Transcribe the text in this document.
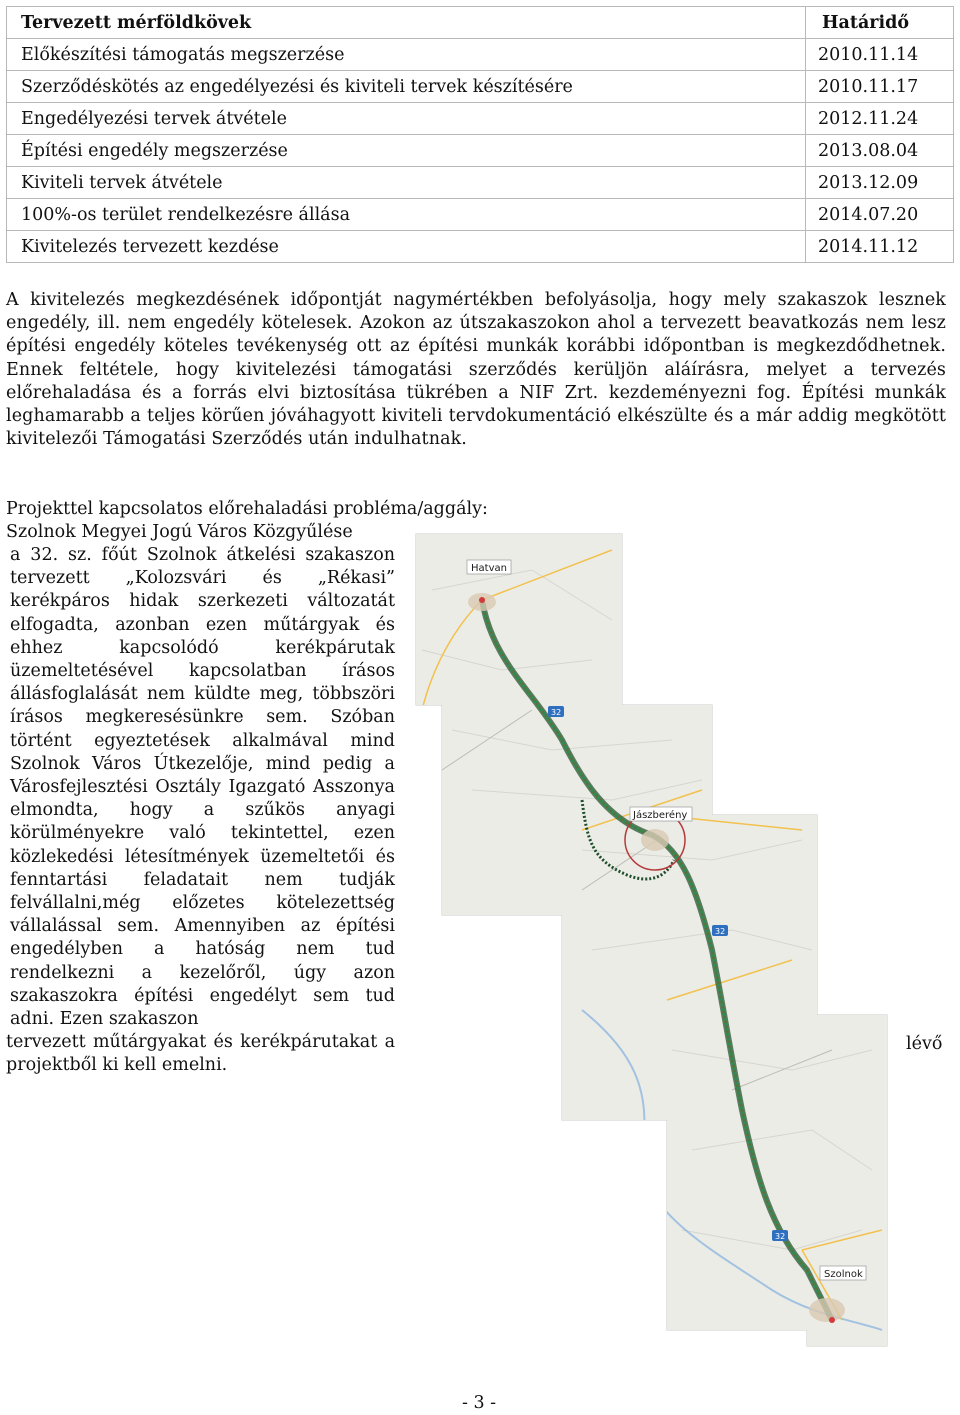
Tervezett mérföldkövek	Határidő
Előkészítési támogatás megszerzése	2010.11.14
Szerződéskötés az engedélyezési és kiviteli tervek készítésére	2010.11.17
Engedélyezési tervek átvétele	2012.11.24
Építési engedély megszerzése	2013.08.04
Kiviteli tervek átvétele	2013.12.09
100%-os terület rendelkezésre állása	2014.07.20
Kivitelezés tervezett kezdése	2014.11.12

A kivitelezés megkezdésének időpontját nagymértékben befolyásolja, hogy mely szakaszok lesznek engedély, ill. nem engedély kötelesek. Azokon az útszakaszokon ahol a tervezett beavatkozás nem lesz építési engedély köteles tevékenység ott az építési munkák korábbi időpontban is megkezdődhetnek. Ennek feltétele, hogy kivitelezési támogatási szerződés kerüljön aláírásra, melyet a tervezés előrehaladása és a forrás elvi biztosítása tükrében a NIF Zrt. kezdeményezni fog. Építési munkák leghamarabb a teljes körűen jóváhagyott kiviteli tervdokumentáció elkészülte és a már addig megkötött kivitelezői Támogatási Szerződés után indulhatnak.

Projekttel kapcsolatos előrehaladási probléma/aggály:
Szolnok Megyei Jogú Város Közgyűlése

a 32. sz. főút Szolnok átkelési szakaszon tervezett „Kolozsvári és „Rékasi” kerékpáros hidak szerkezeti változatát elfogadta, azonban ezen műtárgyak és ehhez kapcsolódó kerékpárutak üzemeltetésével kapcsolatban írásos állásfoglalását nem küldte meg, többszöri írásos megkeresésünkre sem. Szóban történt egyeztetések alkalmával mind Szolnok Város Útkezelője, mind pedig a Városfejlesztési Osztály Igazgató Asszonya elmondta, hogy a szűkös anyagi körülményekre való tekintettel, ezen közlekedési létesítmények üzemeltetői és fenntartási feladatait nem tudják felvállalni,még előzetes kötelezettség vállalással sem. Amennyiben az építési engedélyben a hatóság nem tud rendelkezni a kezelőről, úgy azon szakaszokra építési engedélyt sem tud adni. Ezen szakaszon

tervezett műtárgyakat és kerékpárutakat a projektből ki kell emelni.

lévő
Hatvan
Jászberény
Szolnok
32
32
32
- 3 -
